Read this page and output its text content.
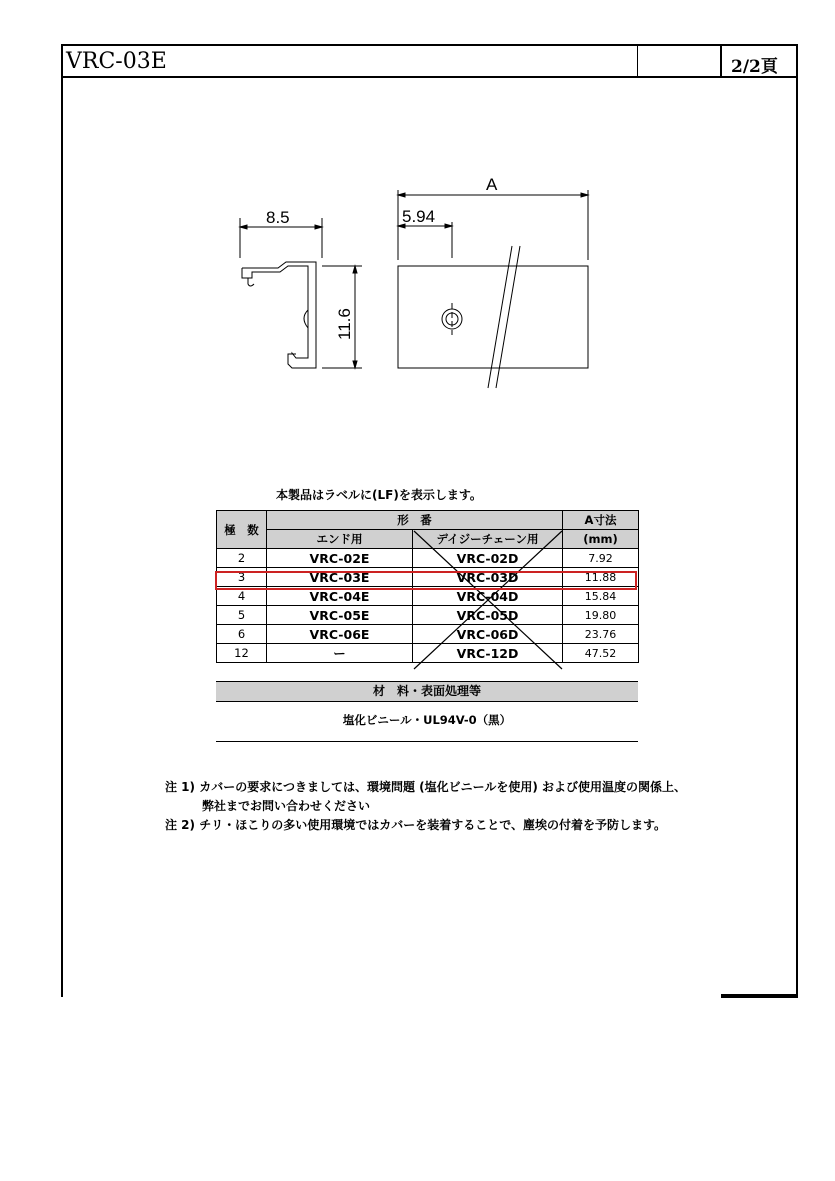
VRC-03E	2/2頁
8.5
A
5.94
11.6
本製品はラベルに(LF)を表示します。
極　数	形　番		A寸法
	エンド用	デイジーチェーン用	(mm)
2	VRC-02E	VRC-02D	7.92
3	VRC-03E	VRC-03D	11.88
4	VRC-04E	VRC-04D	15.84
5	VRC-05E	VRC-05D	19.80
6	VRC-06E	VRC-06D	23.76
12	ー	VRC-12D	47.52
材　料・表面処理等
塩化ビニール・UL94V-0（黒）
注 1) カバーの要求につきましては、環境問題 (塩化ビニールを使用) および使用温度の関係上、
弊社までお問い合わせください
注 2) チリ・ほこりの多い使用環境ではカバーを装着することで、塵埃の付着を予防します。
